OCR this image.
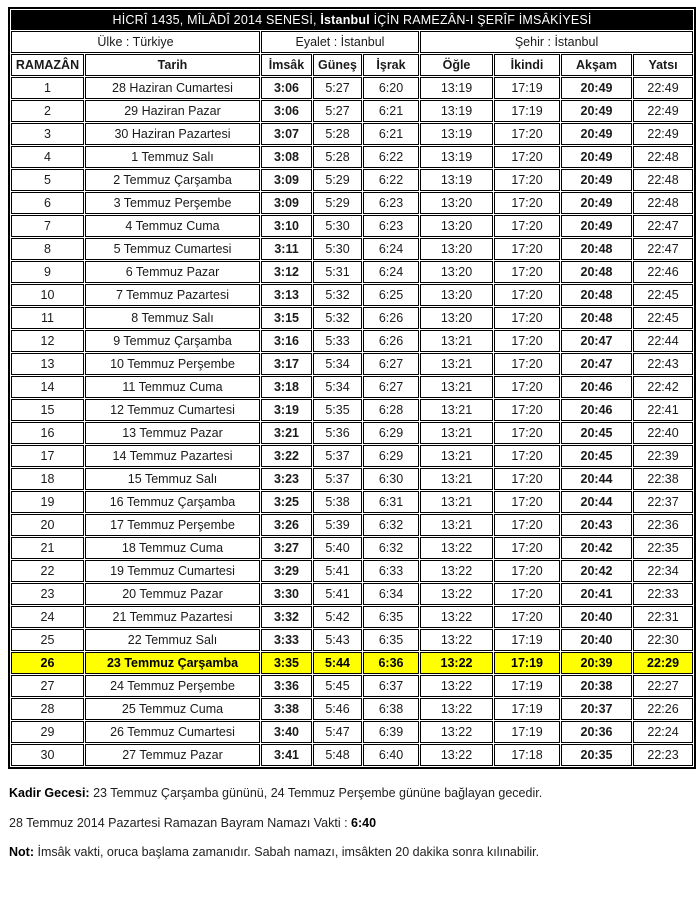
HİCRÎ 1435, MÎLÂDÎ 2014 SENESİ, İstanbul İÇİN RAMEZÂN-I ŞERÎF İMSÂKİYESİ								
Ülke : Türkiye		Eyalet : İstanbul			Şehir : İstanbul			
RAMAZÂN	Tarih	İmsâk	Güneş	İşrak	Öğle	İkindi	Akşam	Yatsı
1	28 Haziran Cumartesi	3:06	5:27	6:20	13:19	17:19	20:49	22:49
2	29 Haziran Pazar	3:06	5:27	6:21	13:19	17:19	20:49	22:49
3	30 Haziran Pazartesi	3:07	5:28	6:21	13:19	17:20	20:49	22:49
4	1 Temmuz Salı	3:08	5:28	6:22	13:19	17:20	20:49	22:48
5	2 Temmuz Çarşamba	3:09	5:29	6:22	13:19	17:20	20:49	22:48
6	3 Temmuz Perşembe	3:09	5:29	6:23	13:20	17:20	20:49	22:48
7	4 Temmuz Cuma	3:10	5:30	6:23	13:20	17:20	20:49	22:47
8	5 Temmuz Cumartesi	3:11	5:30	6:24	13:20	17:20	20:48	22:47
9	6 Temmuz Pazar	3:12	5:31	6:24	13:20	17:20	20:48	22:46
10	7 Temmuz Pazartesi	3:13	5:32	6:25	13:20	17:20	20:48	22:45
11	8 Temmuz Salı	3:15	5:32	6:26	13:20	17:20	20:48	22:45
12	9 Temmuz Çarşamba	3:16	5:33	6:26	13:21	17:20	20:47	22:44
13	10 Temmuz Perşembe	3:17	5:34	6:27	13:21	17:20	20:47	22:43
14	11 Temmuz Cuma	3:18	5:34	6:27	13:21	17:20	20:46	22:42
15	12 Temmuz Cumartesi	3:19	5:35	6:28	13:21	17:20	20:46	22:41
16	13 Temmuz Pazar	3:21	5:36	6:29	13:21	17:20	20:45	22:40
17	14 Temmuz Pazartesi	3:22	5:37	6:29	13:21	17:20	20:45	22:39
18	15 Temmuz Salı	3:23	5:37	6:30	13:21	17:20	20:44	22:38
19	16 Temmuz Çarşamba	3:25	5:38	6:31	13:21	17:20	20:44	22:37
20	17 Temmuz Perşembe	3:26	5:39	6:32	13:21	17:20	20:43	22:36
21	18 Temmuz Cuma	3:27	5:40	6:32	13:22	17:20	20:42	22:35
22	19 Temmuz Cumartesi	3:29	5:41	6:33	13:22	17:20	20:42	22:34
23	20 Temmuz Pazar	3:30	5:41	6:34	13:22	17:20	20:41	22:33
24	21 Temmuz Pazartesi	3:32	5:42	6:35	13:22	17:20	20:40	22:31
25	22 Temmuz Salı	3:33	5:43	6:35	13:22	17:19	20:40	22:30
26	23 Temmuz Çarşamba	3:35	5:44	6:36	13:22	17:19	20:39	22:29
27	24 Temmuz Perşembe	3:36	5:45	6:37	13:22	17:19	20:38	22:27
28	25 Temmuz Cuma	3:38	5:46	6:38	13:22	17:19	20:37	22:26
29	26 Temmuz Cumartesi	3:40	5:47	6:39	13:22	17:19	20:36	22:24
30	27 Temmuz Pazar	3:41	5:48	6:40	13:22	17:18	20:35	22:23

Kadir Gecesi: 23 Temmuz Çarşamba gününü, 24 Temmuz Perşembe gününe bağlayan gecedir.

28 Temmuz 2014 Pazartesi Ramazan Bayram Namazı Vakti : 6:40

Not: İmsâk vakti, oruca başlama zamanıdır. Sabah namazı, imsâkten 20 dakika sonra kılınabilir.
